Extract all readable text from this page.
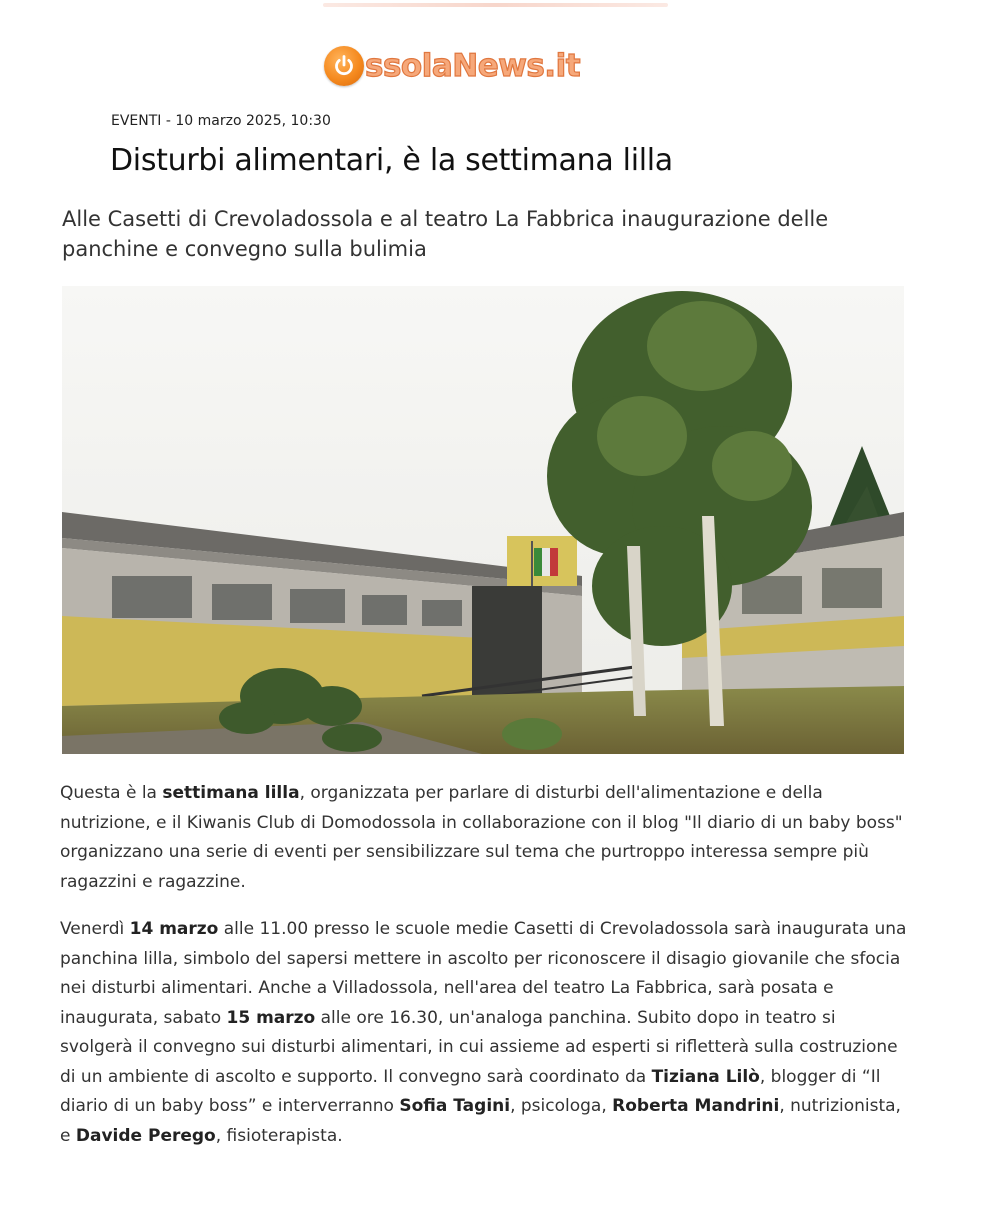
ssolaNews.it
EVENTI - 10 marzo 2025, 10:30
Disturbi alimentari, è la settimana lilla
Alle Casetti di Crevoladossola e al teatro La Fabbrica inaugurazione delle panchine e convegno sulla bulimia

Questa è la settimana lilla, organizzata per parlare di disturbi dell'alimentazione e della nutrizione, e il Kiwanis Club di Domodossola in collaborazione con il blog "Il diario di un baby boss" organizzano una serie di eventi per sensibilizzare sul tema che purtroppo interessa sempre più ragazzini e ragazzine.

Venerdì 14 marzo alle 11.00 presso le scuole medie Casetti di Crevoladossola sarà inaugurata una panchina lilla, simbolo del sapersi mettere in ascolto per riconoscere il disagio giovanile che sfocia nei disturbi alimentari. Anche a Villadossola, nell'area del teatro La Fabbrica, sarà posata e inaugurata, sabato 15 marzo alle ore 16.30, un'analoga panchina. Subito dopo in teatro si svolgerà il convegno sui disturbi alimentari, in cui assieme ad esperti si rifletterà sulla costruzione di un ambiente di ascolto e supporto. Il convegno sarà coordinato da Tiziana Lilò, blogger di “Il diario di un baby boss” e interverranno Sofia Tagini, psicologa, Roberta Mandrini, nutrizionista, e Davide Perego, fisioterapista.
